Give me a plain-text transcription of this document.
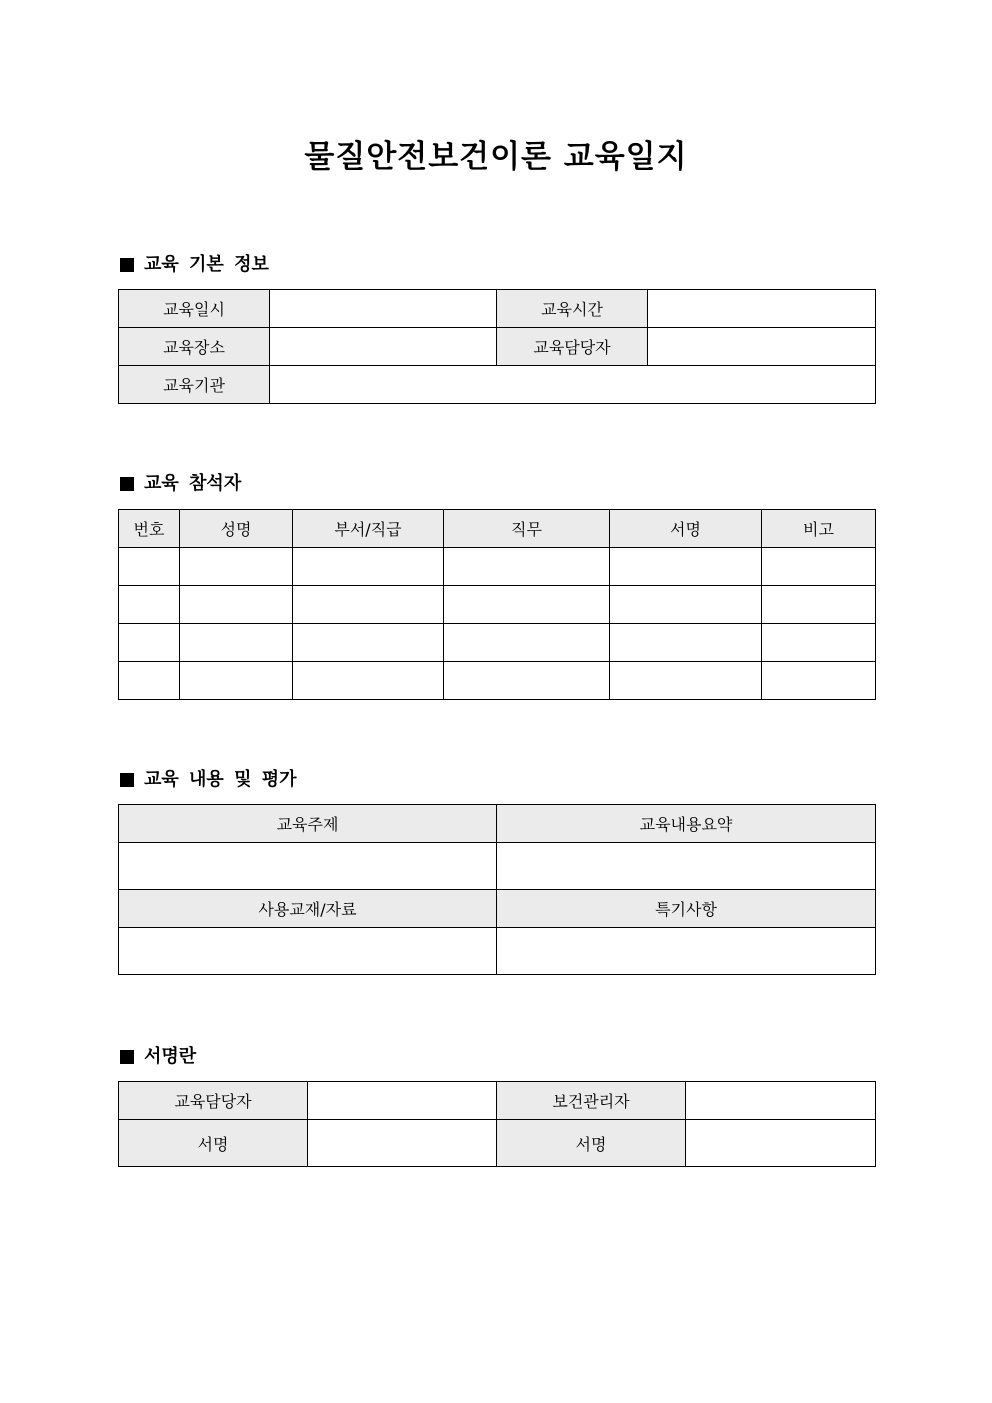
물질안전보건이론 교육일지
교육 기본 정보
교육일시		교육시간	
교육장소		교육담당자	
교육기관			
교육 참석자
번호	성명	부서/직급	직무	서명	비고

교육 내용 및 평가
교육주제	교육내용요약

사용교재/자료	특기사항

서명란
교육담당자		보건관리자	
서명		서명	
